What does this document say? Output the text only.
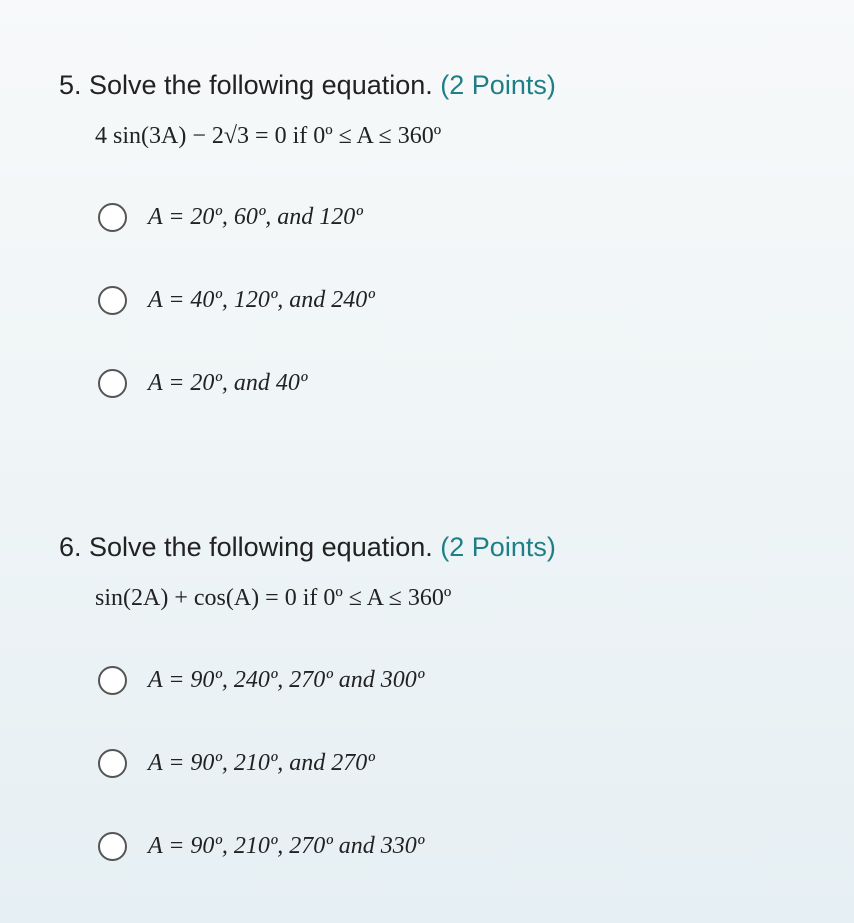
5. Solve the following equation. (2 Points)
4 sin(3A) − 2√3 = 0 if 0º ≤ A ≤ 360º
A = 20º, 60º, and 120º
A = 40º, 120º, and 240º
A = 20º, and 40º
6. Solve the following equation. (2 Points)
sin(2A) + cos(A) = 0 if 0º ≤ A ≤ 360º
A = 90º, 240º, 270º and 300º
A = 90º, 210º, and 270º
A = 90º, 210º, 270º and 330º
